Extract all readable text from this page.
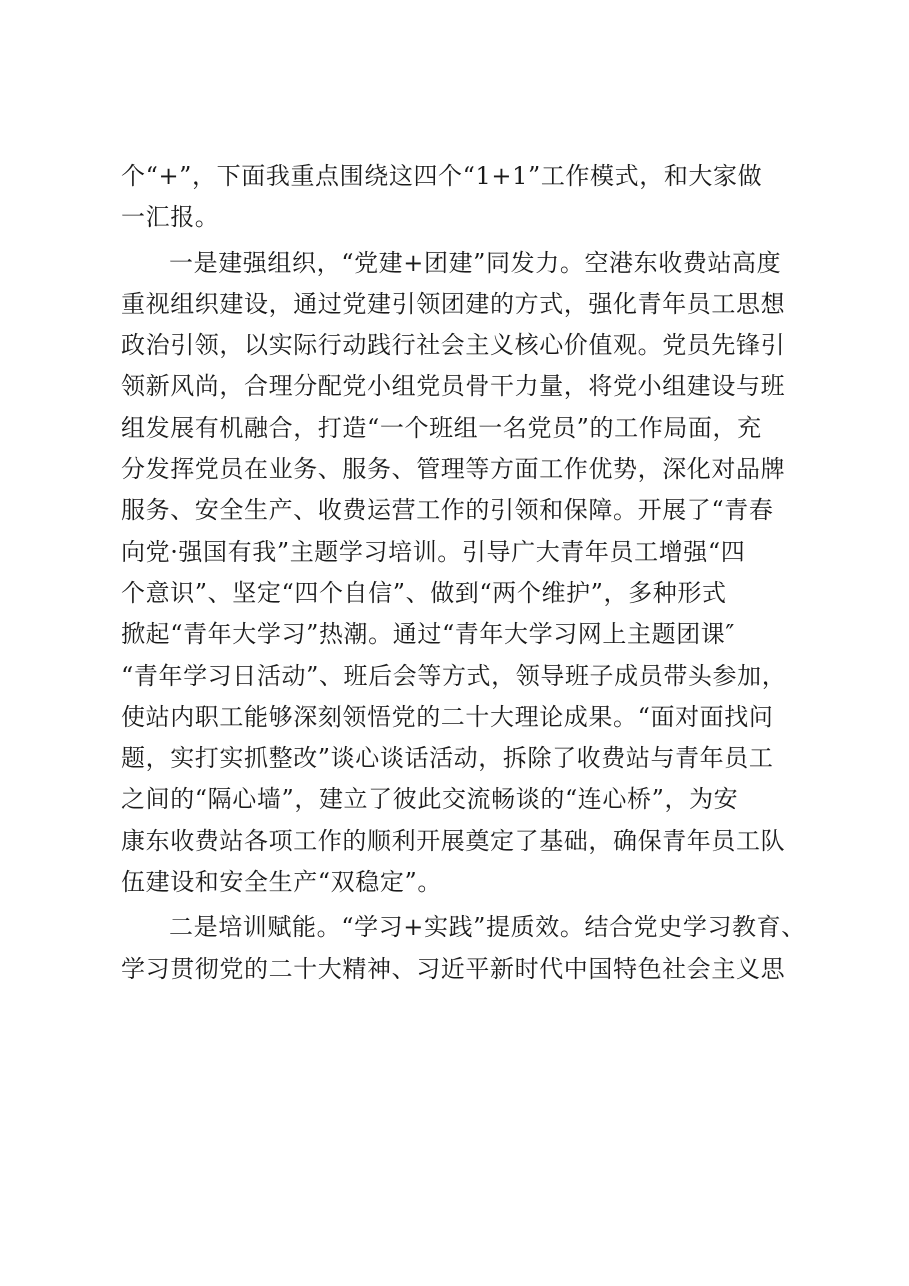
个“+”，下面我重点围绕这四个“1+1”工作模式，和大家做
一汇报。
一是建强组织，“党建+团建”同发力。空港东收费站高度
重视组织建设，通过党建引领团建的方式，强化青年员工思想
政治引领，以实际行动践行社会主义核心价值观。党员先锋引
领新风尚，合理分配党小组党员骨干力量，将党小组建设与班
组发展有机融合，打造“一个班组一名党员”的工作局面，充
分发挥党员在业务、服务、管理等方面工作优势，深化对品牌
服务、安全生产、收费运营工作的引领和保障。开展了“青春
向党·强国有我”主题学习培训。引导广大青年员工增强“四
个意识”、坚定“四个自信”、做到“两个维护”，多种形式
掀起“青年大学习”热潮。通过“青年大学习网上主题团课″
“青年学习日活动”、班后会等方式，领导班子成员带头参加，
使站内职工能够深刻领悟党的二十大理论成果。“面对面找问
题，实打实抓整改”谈心谈话活动，拆除了收费站与青年员工
之间的“隔心墙”，建立了彼此交流畅谈的“连心桥”，为安
康东收费站各项工作的顺利开展奠定了基础，确保青年员工队
伍建设和安全生产“双稳定”。
二是培训赋能。“学习+实践”提质效。结合党史学习教育、
学习贯彻党的二十大精神、习近平新时代中国特色社会主义思
